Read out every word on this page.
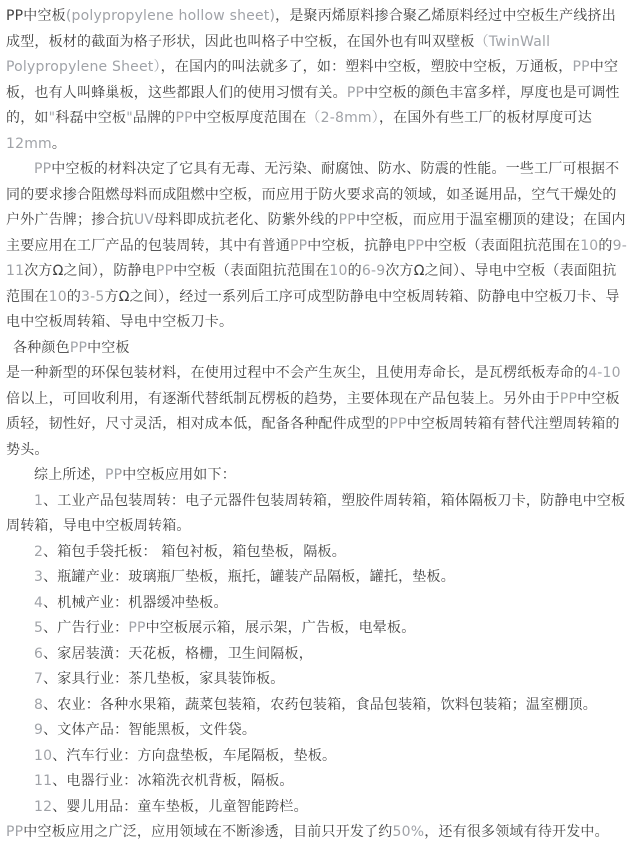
PP中空板(polypropylene hollow sheet)，是聚丙烯原料掺合聚乙烯原料经过中空板生产线挤出成型，板材的截面为格子形状，因此也叫格子中空板，在国外也有叫双壁板（TwinWall Polypropylene Sheet），在国内的叫法就多了，如：塑料中空板，塑胶中空板，万通板，PP中空板，也有人叫蜂巢板，这些都跟人们的使用习惯有关。PP中空板的颜色丰富多样，厚度也是可调性的，如"科磊中空板"品牌的PP中空板厚度范围在（2-8mm），在国外有些工厂的板材厚度可达12mm。
PP中空板的材料决定了它具有无毒、无污染、耐腐蚀、防水、防震的性能。一些工厂可根据不同的要求掺合阻燃母料而成阻燃中空板，而应用于防火要求高的领域，如圣诞用品，空气干燥处的户外广告牌；掺合抗UV母料即成抗老化、防紫外线的PP中空板，而应用于温室棚顶的建设；在国内主要应用在工厂产品的包装周转，其中有普通PP中空板，抗静电PP中空板（表面阻抗范围在10的9-11次方Ω之间），防静电PP中空板（表面阻抗范围在10的6-9次方Ω之间）、导电中空板（表面阻抗范围在10的3-5方Ω之间），经过一系列后工序可成型防静电中空板周转箱、防静电中空板刀卡、导电中空板周转箱、导电中空板刀卡。
各种颜色PP中空板
是一种新型的环保包装材料，在使用过程中不会产生灰尘，且使用寿命长，是瓦楞纸板寿命的4-10倍以上，可回收利用，有逐渐代替纸制瓦楞板的趋势，主要体现在产品包装上。另外由于PP中空板质轻，韧性好，尺寸灵活，相对成本低，配备各种配件成型的PP中空板周转箱有替代注塑周转箱的势头。
综上所述，PP中空板应用如下：
1、工业产品包装周转：电子元器件包装周转箱，塑胶件周转箱，箱体隔板刀卡，防静电中空板周转箱，导电中空板周转箱。
2、箱包手袋托板： 箱包衬板，箱包垫板，隔板。
3、瓶罐产业：玻璃瓶厂垫板，瓶托，罐装产品隔板，罐托，垫板。
4、机械产业：机器缓冲垫板。
5、广告行业：PP中空板展示箱，展示架，广告板，电晕板。
6、家居装潢：天花板，格栅，卫生间隔板，
7、家具行业：茶几垫板，家具装饰板。
8、农业：各种水果箱，蔬菜包装箱，农药包装箱，食品包装箱，饮料包装箱；温室棚顶。
9、文体产品：智能黑板，文件袋。
10、汽车行业：方向盘垫板，车尾隔板，垫板。
11、电器行业：冰箱洗衣机背板，隔板。
12、婴儿用品：童车垫板，儿童智能跨栏。
PP中空板应用之广泛，应用领域在不断渗透，目前只开发了约50%，还有很多领域有待开发中。
